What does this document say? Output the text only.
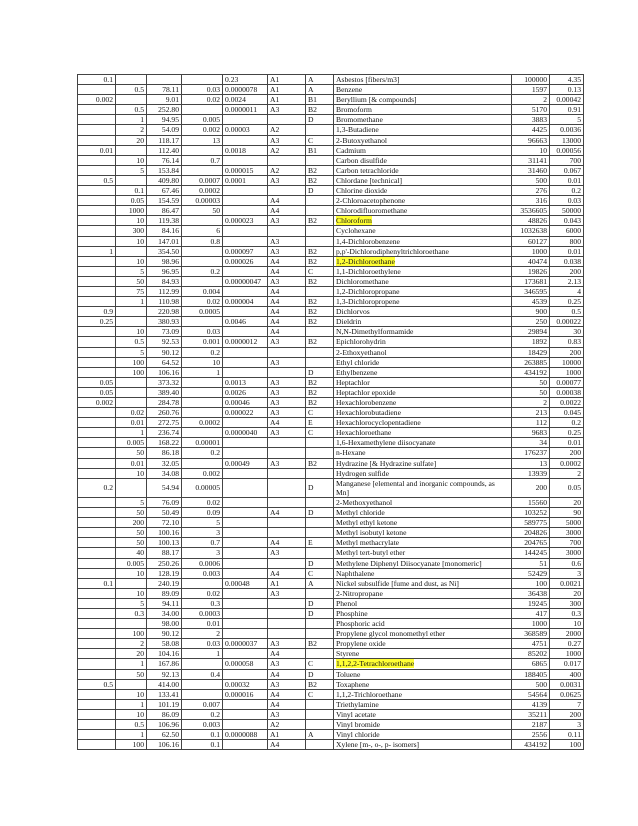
0.1				0.23	A1	A	Asbestos [fibers/m3]	100000	4.35
	0.5	78.11	0.03	0.0000078	A1	A	Benzene	1597	0.13
0.002		9.01	0.02	0.0024	A1	B1	Beryllium [& compounds]	2	0.00042
	0.5	252.80		0.0000011	A3	B2	Bromoform	5170	0.91
	1	94.95	0.005			D	Bromomethane	3883	5
	2	54.09	0.002	0.00003	A2		1,3-Butadiene	4425	0.0036
	20	118.17	13		A3	C	2-Butoxyethanol	96663	13000
0.01		112.40		0.0018	A2	B1	Cadmium	10	0.00056
	10	76.14	0.7				Carbon disulfide	31141	700
	5	153.84		0.000015	A2	B2	Carbon tetrachloride	31460	0.067
0.5		409.80	0.0007	0.0001	A3	B2	Chlordane [technical]	500	0.01
	0.1	67.46	0.0002			D	Chlorine dioxide	276	0.2
	0.05	154.59	0.00003		A4		2-Chloroacetophenone	316	0.03
	1000	86.47	50		A4		Chlorodifluoromethane	3536605	50000
	10	119.38		0.000023	A3	B2	Chloroform	48826	0.043
	300	84.16	6				Cyclohexane	1032638	6000
	10	147.01	0.8		A3		1,4-Dichlorobenzene	60127	800
1		354.50		0.000097	A3	B2	p,p'-Dichlorodiphenyltrichloroethane	1000	0.01
	10	98.96		0.000026	A4	B2	1,2-Dichloroethane	40474	0.038
	5	96.95	0.2		A4	C	1,1-Dichloroethylene	19826	200
	50	84.93		0.00000047	A3	B2	Dichloromethane	173681	2.13
	75	112.99	0.004		A4		1,2-Dichloropropane	346595	4
	1	110.98	0.02	0.000004	A4	B2	1,3-Dichloropropene	4539	0.25
0.9		220.98	0.0005		A4	B2	Dichlorvos	900	0.5
0.25		380.93		0.0046	A4	B2	Dieldrin	250	0.00022
	10	73.09	0.03		A4		N,N-Dimethylformamide	29894	30
	0.5	92.53	0.001	0.0000012	A3	B2	Epichlorohydrin	1892	0.83
	5	90.12	0.2				2-Ethoxyethanol	18429	200
	100	64.52	10		A3		Ethyl chloride	263885	10000
	100	106.16	1			D	Ethylbenzene	434192	1000
0.05		373.32		0.0013	A3	B2	Heptachlor	50	0.00077
0.05		389.40		0.0026	A3	B2	Heptachlor epoxide	50	0.00038
0.002		284.78		0.00046	A3	B2	Hexachlorobenzene	2	0.0022
	0.02	260.76		0.000022	A3	C	Hexachlorobutadiene	213	0.045
	0.01	272.75	0.0002		A4	E	Hexachlorocyclopentadiene	112	0.2
	1	236.74		0.0000040	A3	C	Hexachloroethane	9683	0.25
	0.005	168.22	0.00001				1,6-Hexamethylene diisocyanate	34	0.01
	50	86.18	0.2				n-Hexane	176237	200
	0.01	32.05		0.00049	A3	B2	Hydrazine [& Hydrazine sulfate]	13	0.0002
	10	34.08	0.002				Hydrogen sulfide	13939	2
0.2		54.94	0.00005			D	Manganese [elemental and inorganic compounds, as Mn]	200	0.05
	5	76.09	0.02				2-Methoxyethanol	15560	20
	50	50.49	0.09		A4	D	Methyl chloride	103252	90
	200	72.10	5				Methyl ethyl ketone	589775	5000
	50	100.16	3				Methyl isobutyl ketone	204826	3000
	50	100.13	0.7		A4	E	Methyl methacrylate	204765	700
	40	88.17	3		A3		Methyl tert-butyl ether	144245	3000
	0.005	250.26	0.0006			D	Methylene Diphenyl Diisocyanate [monomeric]	51	0.6
	10	128.19	0.003		A4	C	Naphthalene	52429	3
0.1		240.19		0.00048	A1	A	Nickel subsulfide [fume and dust, as Ni]	100	0.0021
	10	89.09	0.02		A3		2-Nitropropane	36438	20
	5	94.11	0.3			D	Phenol	19245	300
	0.3	34.00	0.0003			D	Phosphine	417	0.3
		98.00	0.01				Phosphoric acid	1000	10
	100	90.12	2				Propylene glycol monomethyl ether	368589	2000
	2	58.08	0.03	0.0000037	A3	B2	Propylene oxide	4751	0.27
	20	104.16	1		A4		Styrene	85202	1000
	1	167.86		0.000058	A3	C	1,1,2,2-Tetrachloroethane	6865	0.017
	50	92.13	0.4		A4	D	Toluene	188405	400
0.5		414.00		0.00032	A3	B2	Toxaphene	500	0.0031
	10	133.41		0.000016	A4	C	1,1,2-Trichloroethane	54564	0.0625
	1	101.19	0.007		A4		Triethylamine	4139	7
	10	86.09	0.2		A3		Vinyl acetate	35211	200
	0.5	106.96	0.003		A2		Vinyl bromide	2187	3
	1	62.50	0.1	0.0000088	A1	A	Vinyl chloride	2556	0.11
	100	106.16	0.1		A4		Xylene [m-, o-, p- isomers]	434192	100
